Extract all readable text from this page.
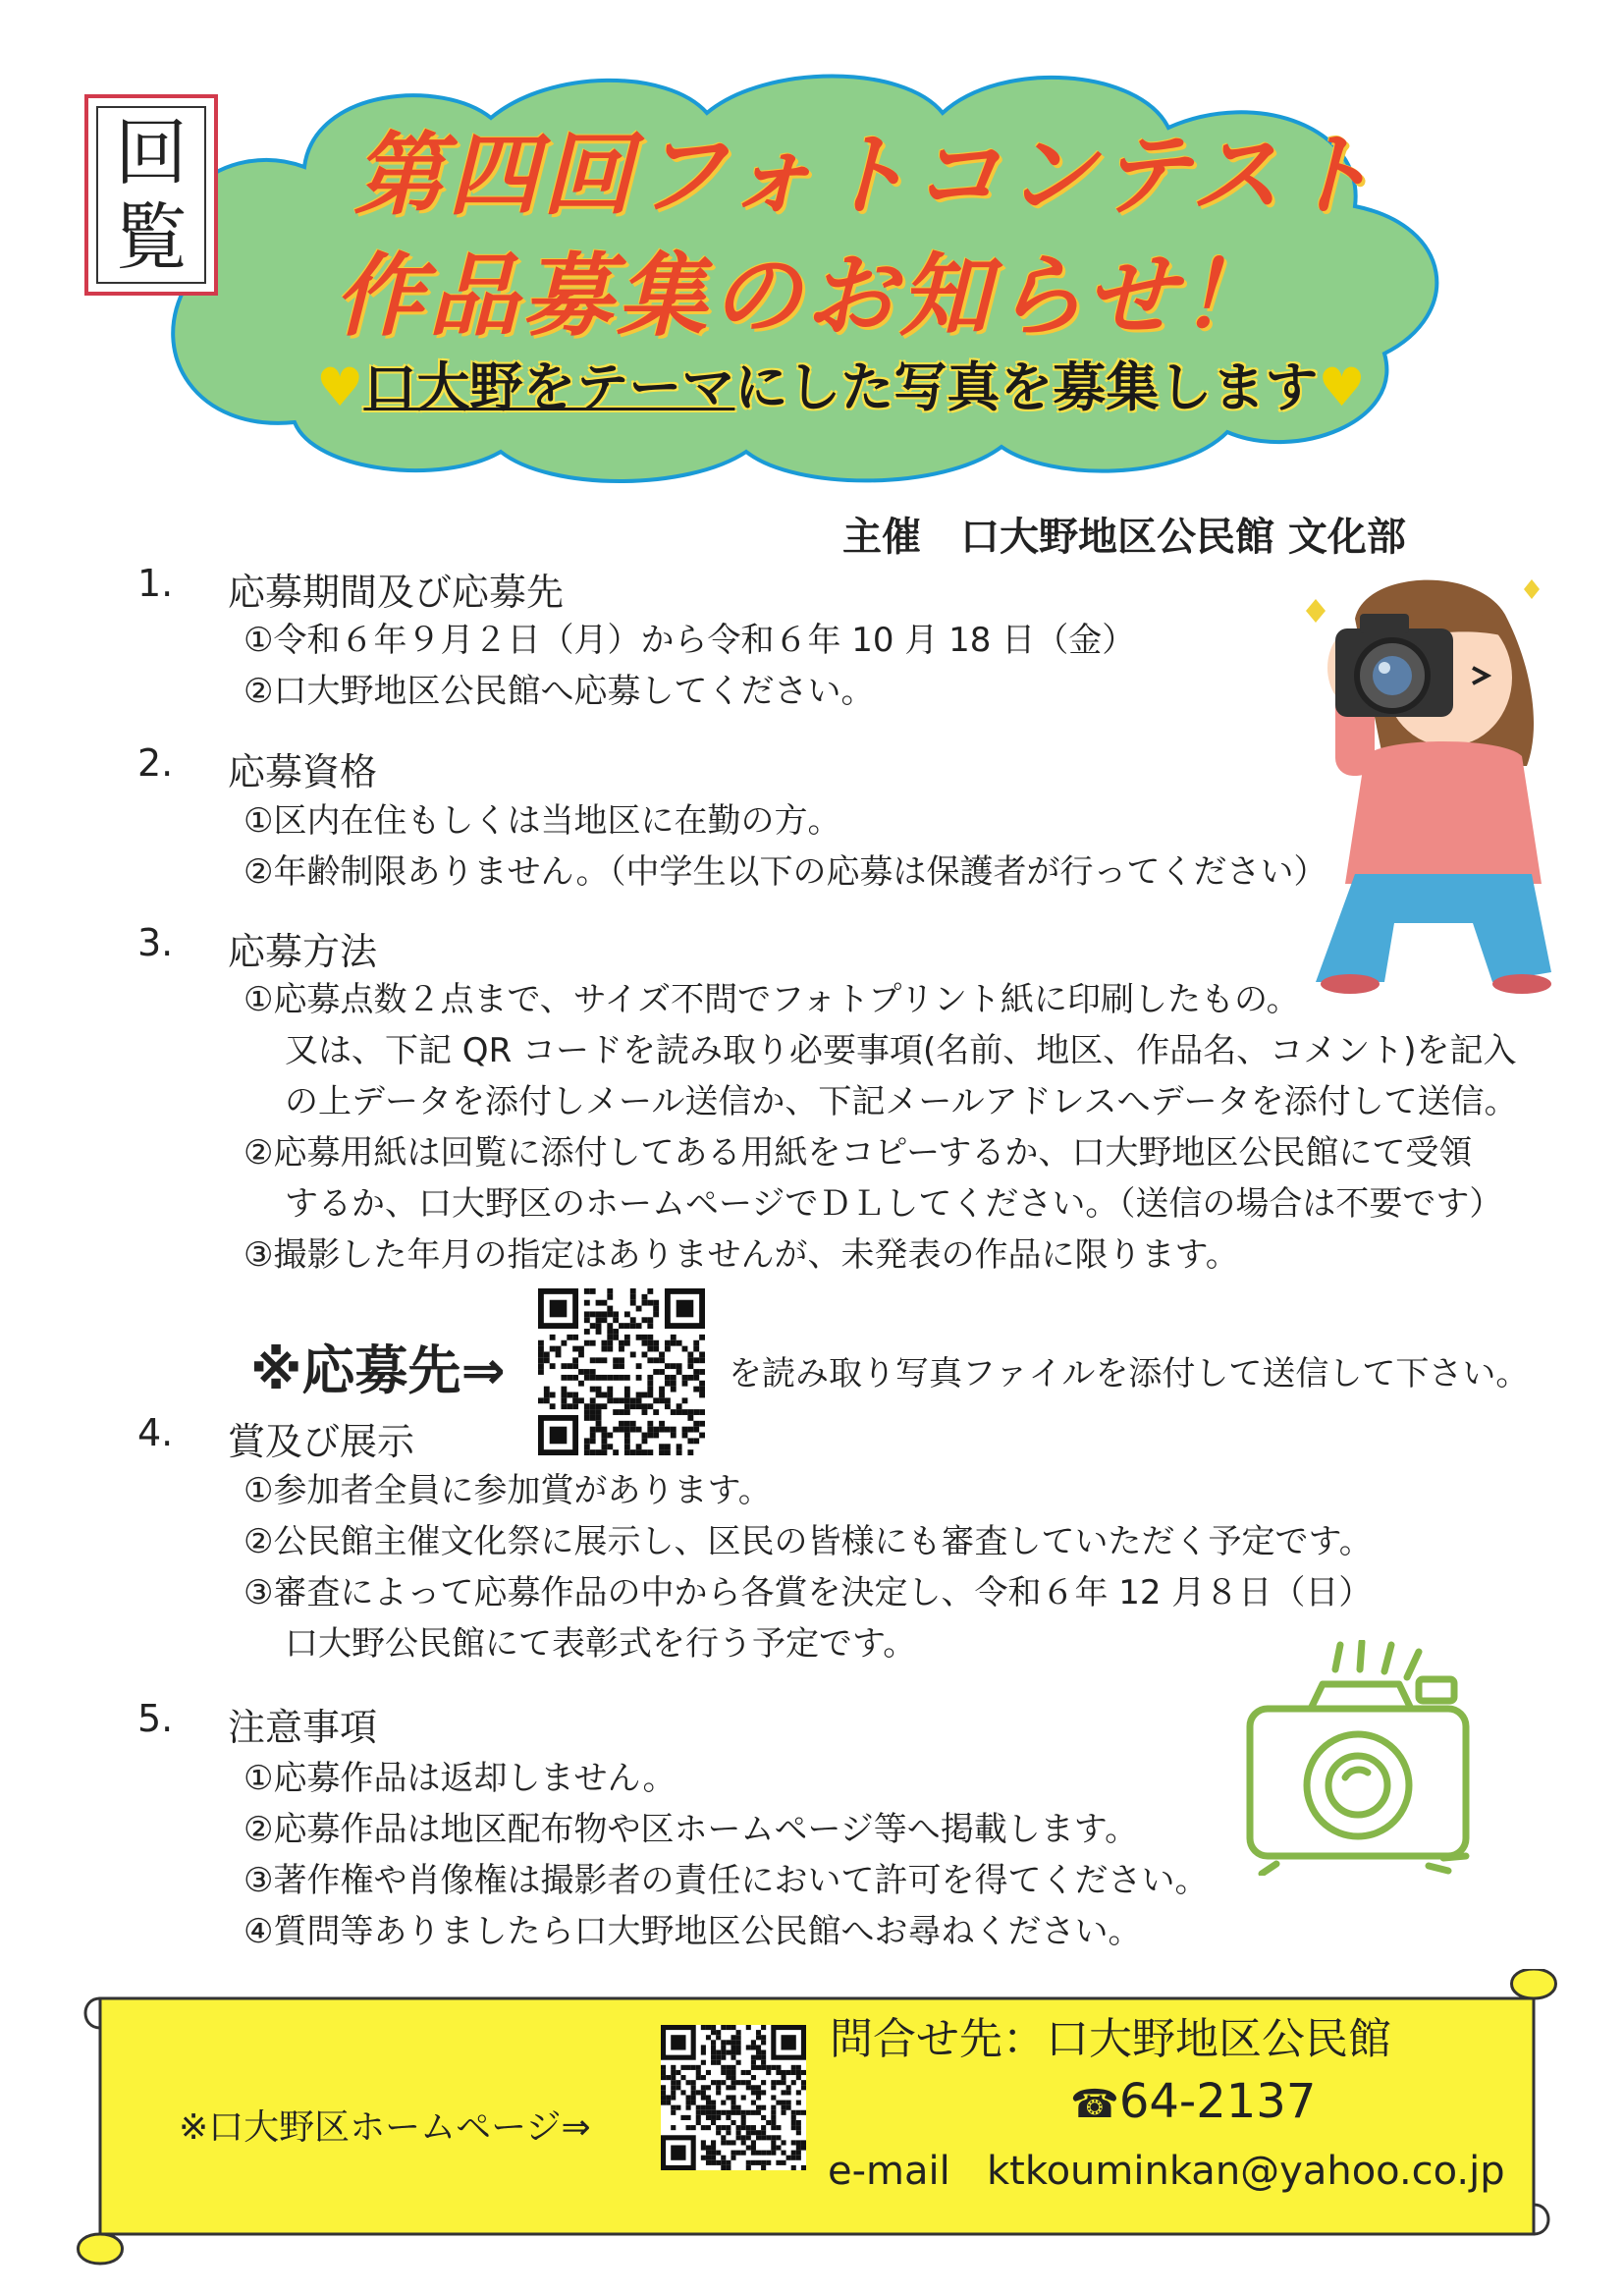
回
覧
第四回フォトコンテスト
作品募集のお知らせ！
♥口大野をテーマにした写真を募集します♥
主催　口大野地区公民館 文化部
1. 応募期間及び応募先
①令和６年９月２日（月）から令和６年 10 月 18 日（金）
②口大野地区公民館へ応募してください。
2. 応募資格
①区内在住もしくは当地区に在勤の方。
②年齢制限ありません。（中学生以下の応募は保護者が行ってください）
3. 応募方法
①応募点数２点まで、サイズ不問でフォトプリント紙に印刷したもの。
又は、下記 QR コードを読み取り必要事項(名前、地区、作品名、コメント)を記入
の上データを添付しメール送信か、下記メールアドレスへデータを添付して送信。
②応募用紙は回覧に添付してある用紙をコピーするか、口大野地区公民館にて受領
するか、口大野区のホームページでＤＬしてください。（送信の場合は不要です）
③撮影した年月の指定はありませんが、未発表の作品に限ります。
※応募先⇒	を読み取り写真ファイルを添付して送信して下さい。
4. 賞及び展示
①参加者全員に参加賞があります。
②公民館主催文化祭に展示し、区民の皆様にも審査していただく予定です。
③審査によって応募作品の中から各賞を決定し、令和６年 12 月８日（日）
口大野公民館にて表彰式を行う予定です。
5. 注意事項
①応募作品は返却しません。
②応募作品は地区配布物や区ホームページ等へ掲載します。
③著作権や肖像権は撮影者の責任において許可を得てください。
④質問等ありましたら口大野地区公民館へお尋ねください。
※口大野区ホームページ⇒
問合せ先：口大野地区公民館
☎64-2137
e-mail ktkouminkan@yahoo.co.jp
